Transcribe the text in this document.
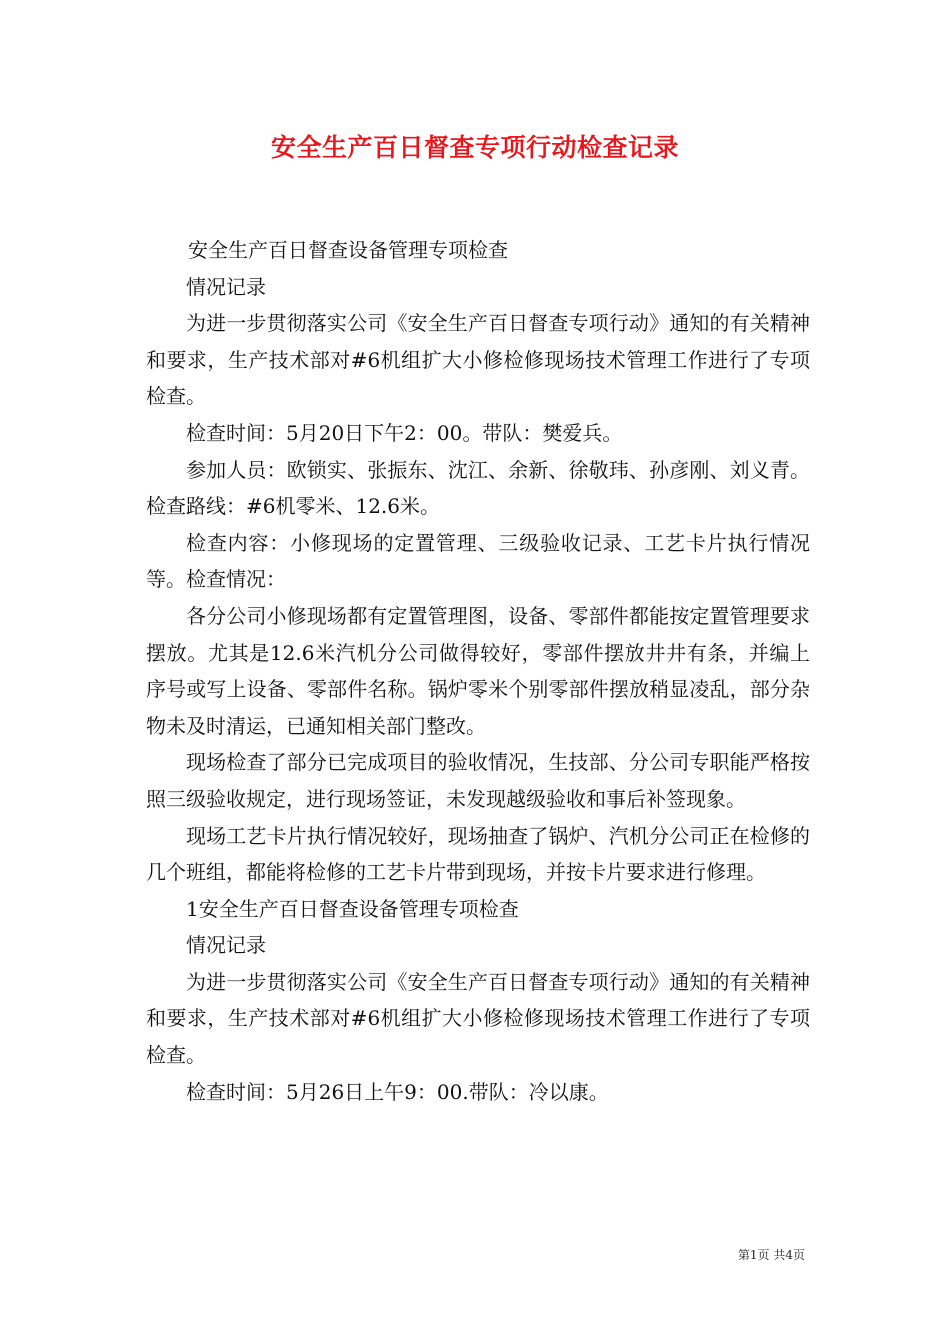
安全生产百日督查专项行动检查记录

安全生产百日督查设备管理专项检查

情况记录

为进一步贯彻落实公司《安全生产百日督查专项行动》通知的有关精神和要求，生产技术部对#6机组扩大小修检修现场技术管理工作进行了专项检查。

检查时间：5月20日下午2：00。带队：樊爱兵。

参加人员：欧锁实、张振东、沈江、余新、徐敬玮、孙彦刚、刘义青。检查路线：#6机零米、12.6米。

检查内容：小修现场的定置管理、三级验收记录、工艺卡片执行情况等。检查情况：

各分公司小修现场都有定置管理图，设备、零部件都能按定置管理要求摆放。尤其是12.6米汽机分公司做得较好，零部件摆放井井有条，并编上序号或写上设备、零部件名称。锅炉零米个别零部件摆放稍显凌乱，部分杂物未及时清运，已通知相关部门整改。

现场检查了部分已完成项目的验收情况，生技部、分公司专职能严格按照三级验收规定，进行现场签证，未发现越级验收和事后补签现象。

现场工艺卡片执行情况较好，现场抽查了锅炉、汽机分公司正在检修的几个班组，都能将检修的工艺卡片带到现场，并按卡片要求进行修理。

1安全生产百日督查设备管理专项检查

情况记录

为进一步贯彻落实公司《安全生产百日督查专项行动》通知的有关精神和要求，生产技术部对#6机组扩大小修检修现场技术管理工作进行了专项检查。

检查时间：5月26日上午9：00.带队：冷以康。

第1页 共4页
